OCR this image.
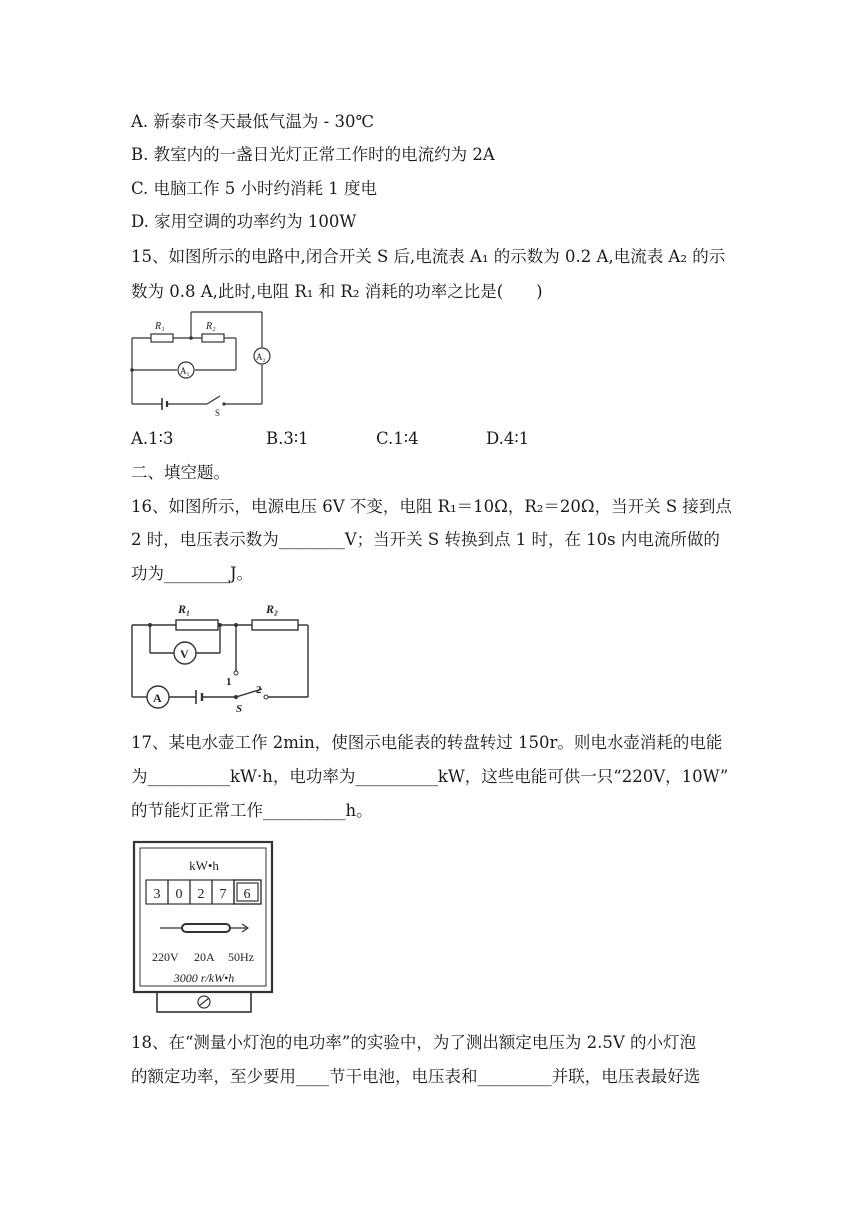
A. 新泰市冬天最低气温为 - 30℃
B. 教室内的一盏日光灯正常工作时的电流约为 2A
C. 电脑工作 5 小时约消耗 1 度电
D. 家用空调的功率约为 100W
15、如图所示的电路中,闭合开关 S 后,电流表 A₁ 的示数为 0.2 A,电流表 A₂ 的示
数为 0.8 A,此时,电阻 R₁ 和 R₂ 消耗的功率之比是(　　)
R₁	R₂
A₁
A₂
S
A.1∶3	B.3∶1	C.1∶4	D.4∶1
二、填空题。
16、如图所示，电源电压 6V 不变，电阻 R₁＝10Ω，R₂＝20Ω，当开关 S 接到点
2 时，电压表示数为________V；当开关 S 转换到点 1 时，在 10s 内电流所做的
功为________J。
R₁	R₂
V
A
1
2
S
17、某电水壶工作 2min，使图示电能表的转盘转过 150r。则电水壶消耗的电能
为__________kW·h，电功率为__________kW，这些电能可供一只“220V，10W”
的节能灯正常工作__________h。
kW•h
3 0 2 7 6
220V 20A 50Hz
3000 r/kW•h
18、在“测量小灯泡的电功率”的实验中，为了测出额定电压为 2.5V 的小灯泡
的额定功率，至少要用____节干电池，电压表和_________并联，电压表最好选
